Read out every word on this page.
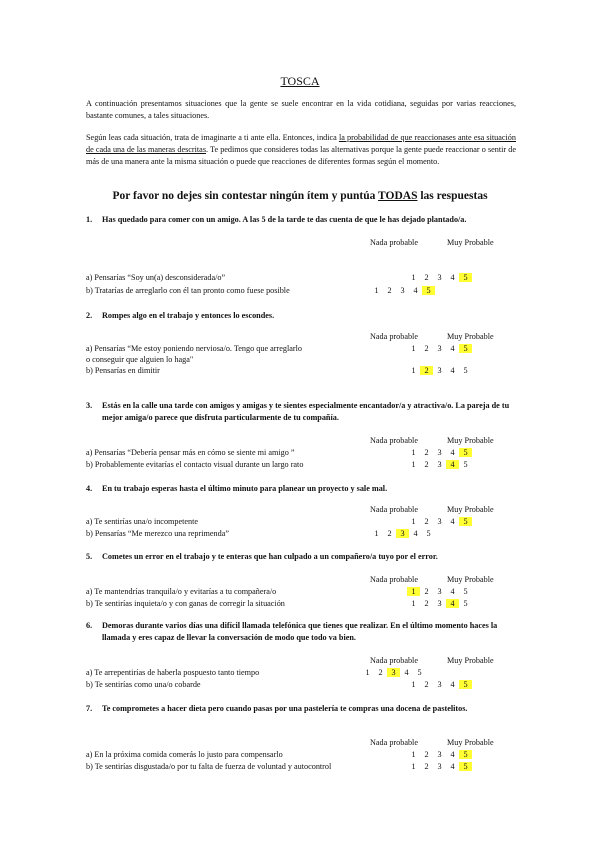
TOSCA
A continuación presentamos situaciones que la gente se suele encontrar en la vida cotidiana, seguidas por varias reacciones, bastante comunes, a tales situaciones.
Según leas cada situación, trata de imaginarte a ti ante ella. Entonces, indica la probabilidad de que reaccionases ante esa situación de cada una de las maneras descritas. Te pedimos que consideres todas las alternativas porque la gente puede reaccionar o sentir de más de una manera ante la misma situación o puede que reacciones de diferentes formas según el momento.
Por favor no dejes sin contestar ningún ítem y puntúa TODAS las respuestas
1.	Has quedado para comer con un amigo. A las 5 de la tarde te das cuenta de que le has dejado plantado/a.
Nada probable	Muy Probable
a) Pensarías “Soy un(a) desconsiderada/o”	1 2 3 4 5
b) Tratarías de arreglarlo con él tan pronto como fuese posible	1 2 3 4 5
2.	Rompes algo en el trabajo y entonces lo escondes.
Nada probable	Muy Probable
a) Pensarías “Me estoy poniendo nerviosa/o. Tengo que arreglarlo
o conseguir que alguien lo haga"
1 2 3 4 5
b) Pensarías en dimitir	1 2 3 4 5
3.	Estás en la calle una tarde con amigos y amigas y te sientes especialmente encantador/a y atractiva/o. La pareja de tu mejor amiga/o parece que disfruta particularmente de tu compañía.
Nada probable	Muy Probable
a) Pensarías “Debería pensar más en cómo se siente mi amigo ”	1 2 3 4 5
b) Probablemente evitarías el contacto visual durante un largo rato	1 2 3 4 5
4.	En tu trabajo esperas hasta el último minuto para planear un proyecto y sale mal.
Nada probable	Muy Probable
a) Te sentirías una/o incompetente	1 2 3 4 5
b) Pensarías “Me merezco una reprimenda”	1 2 3 4 5
5.	Cometes un error en el trabajo y te enteras que han culpado a un compañero/a tuyo por el error.
Nada probable	Muy Probable
a) Te mantendrías tranquila/o y evitarías a tu compañera/o	1 2 3 4 5
b) Te sentirías inquieta/o y con ganas de corregir la situación	1 2 3 4 5
6.	Demoras durante varios días una difícil llamada telefónica que tienes que realizar. En el último momento haces la llamada y eres capaz de llevar la conversación de modo que todo va bien.
Nada probable	Muy Probable
a) Te arrepentirías de haberla pospuesto tanto tiempo	1 2 3 4 5
b) Te sentirías como una/o cobarde	1 2 3 4 5
7.	Te comprometes a hacer dieta pero cuando pasas por una pastelería te compras una docena de pastelitos.
Nada probable	Muy Probable
a) En la próxima comida comerás lo justo para compensarlo	1 2 3 4 5
b) Te sentirías disgustada/o por tu falta de fuerza de voluntad y autocontrol	1 2 3 4 5
